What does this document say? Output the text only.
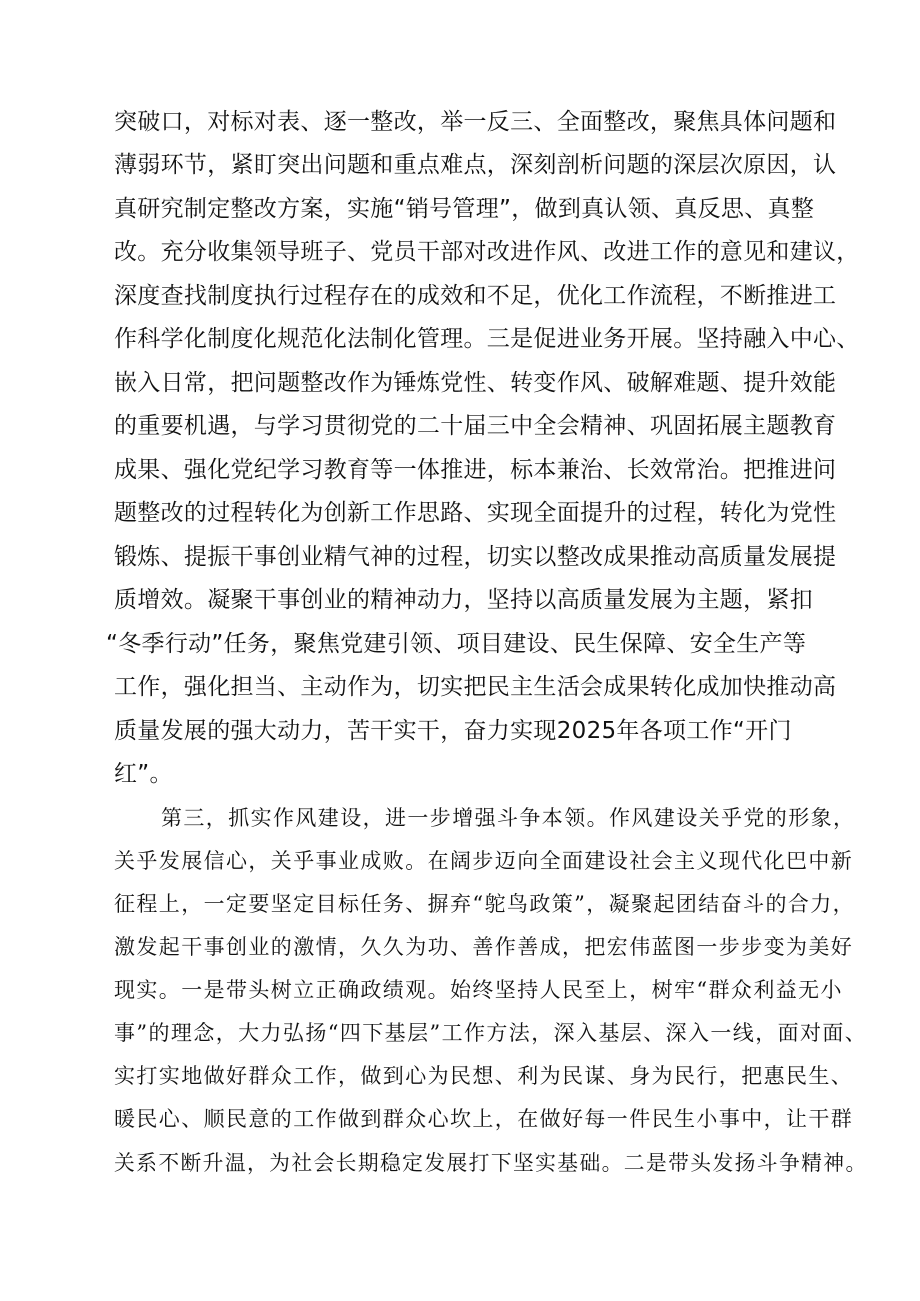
突破口，对标对表、逐一整改，举一反三、全面整改，聚焦具体问题和
薄弱环节，紧盯突出问题和重点难点，深刻剖析问题的深层次原因，认
真研究制定整改方案，实施“销号管理”，做到真认领、真反思、真整
改。充分收集领导班子、党员干部对改进作风、改进工作的意见和建议，
深度查找制度执行过程存在的成效和不足，优化工作流程，不断推进工
作科学化制度化规范化法制化管理。三是促进业务开展。坚持融入中心、
嵌入日常，把问题整改作为锤炼党性、转变作风、破解难题、提升效能
的重要机遇，与学习贯彻党的二十届三中全会精神、巩固拓展主题教育
成果、强化党纪学习教育等一体推进，标本兼治、长效常治。把推进问
题整改的过程转化为创新工作思路、实现全面提升的过程，转化为党性
锻炼、提振干事创业精气神的过程，切实以整改成果推动高质量发展提
质增效。凝聚干事创业的精神动力，坚持以高质量发展为主题，紧扣
“冬季行动”任务，聚焦党建引领、项目建设、民生保障、安全生产等
工作，强化担当、主动作为，切实把民主生活会成果转化成加快推动高
质量发展的强大动力，苦干实干，奋力实现2025年各项工作“开门
红”。
第三，抓实作风建设，进一步增强斗争本领。作风建设关乎党的形象，
关乎发展信心，关乎事业成败。在阔步迈向全面建设社会主义现代化巴中新
征程上，一定要坚定目标任务、摒弃“鸵鸟政策”，凝聚起团结奋斗的合力，
激发起干事创业的激情，久久为功、善作善成，把宏伟蓝图一步步变为美好
现实。一是带头树立正确政绩观。始终坚持人民至上，树牢“群众利益无小
事”的理念，大力弘扬“四下基层”工作方法，深入基层、深入一线，面对面、
实打实地做好群众工作，做到心为民想、利为民谋、身为民行，把惠民生、
暖民心、顺民意的工作做到群众心坎上，在做好每一件民生小事中，让干群
关系不断升温，为社会长期稳定发展打下坚实基础。二是带头发扬斗争精神。
